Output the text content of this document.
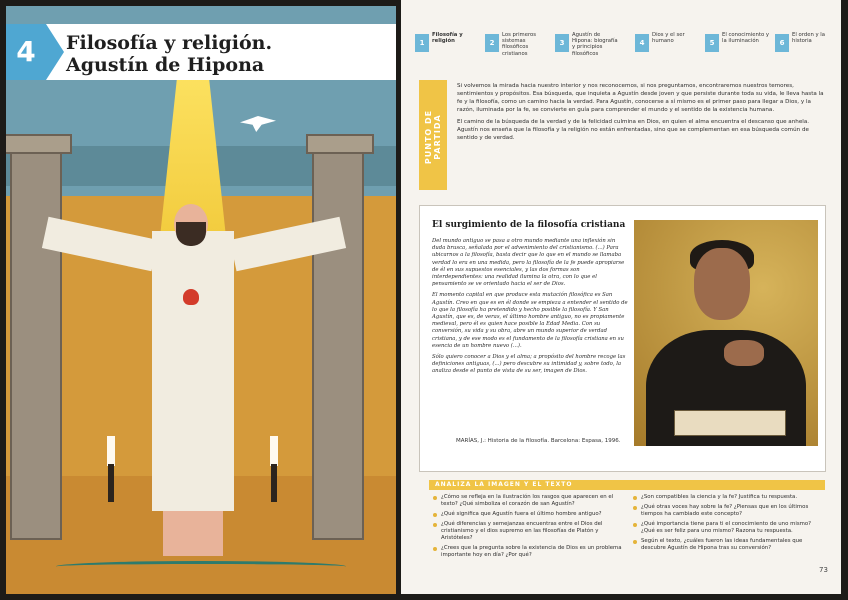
4	Filosofía y religión.
Agustín de Hipona
1
Filosofía y religión	2
Los primeros sistemas filosóficos cristianos
3
Agustín de Hipona: biografía y principios filosóficos
4
Dios y el ser humano	5
El conocimiento y la iluminación	6
El orden y la historia
PUNTO DE PARTIDA

Si volvemos la mirada hacia nuestro interior y nos reconocemos, si nos preguntamos, encontraremos nuestros temores, sentimientos y propósitos. Esa búsqueda, que inquieta a Agustín desde joven y que persiste durante toda su vida, le lleva hasta la fe y la filosofía, como un camino hacia la verdad. Para Agustín, conocerse a sí mismo es el primer paso para llegar a Dios, y la razón, iluminada por la fe, se convierte en guía para comprender el mundo y el sentido de la existencia humana.

El camino de la búsqueda de la verdad y de la felicidad culmina en Dios, en quien el alma encuentra el descanso que anhela. Agustín nos enseña que la filosofía y la religión no están enfrentadas, sino que se complementan en esa búsqueda común de sentido y de verdad.

El surgimiento de la filosofía cristiana

Del mundo antiguo se pasa a otro mundo mediante una inflexión sin duda brusca, señalada por el advenimiento del cristianismo. (...) Para ubicarnos a la filosofía, basta decir que lo que en el mundo se llamaba verdad lo era en una medida, pero la filosofía de la fe puede apropiarse de él en sus supuestos esenciales, y las dos formas son interdependientes: una realidad ilumina la otra, con lo que el pensamiento se ve orientado hacia el ser de Dios.

El momento capital en que produce esta mutación filosófica es San Agustín. Creo en que es en él donde se empieza a entender el sentido de lo que la filosofía ha pretendido y hecho posible la filosofía. Y San Agustín, que es, de veras, el último hombre antiguo, no es propiamente medieval, pero él es quien hace posible la Edad Media. Con su conversión, su vida y su obra, abre un mundo superior de verdad cristiana, y de ese modo es el fundamento de la filosofía cristiana en su esencia de un hombre nuevo (...).

Sólo quiero conocer a Dios y el alma; a propósito del hombre recoge las definiciones antiguas, (...) pero descubre su intimidad y, sobre todo, la analiza desde el punto de vista de su ser, imagen de Dios.

MARÍAS, J.: Historia de la filosofía. Barcelona: Espasa, 1996.
ANALIZA LA IMAGEN Y EL TEXTO
¿Cómo se refleja en la ilustración los rasgos que aparecen en el texto? ¿Qué simboliza el corazón de san Agustín?
¿Qué significa que Agustín fuera el último hombre antiguo?
¿Qué diferencias y semejanzas encuentras entre el Dios del cristianismo y el dios supremo en las filosofías de Platón y Aristóteles?
¿Crees que la pregunta sobre la existencia de Dios es un problema importante hoy en día? ¿Por qué?
¿Son compatibles la ciencia y la fe? Justifica tu respuesta.
¿Qué otras voces hay sobre la fe? ¿Piensas que en los últimos tiempos ha cambiado este concepto?
¿Qué importancia tiene para ti el conocimiento de uno mismo? ¿Qué es ser feliz para uno mismo? Razona tu respuesta.
Según el texto, ¿cuáles fueron las ideas fundamentales que descubre Agustín de Hipona tras su conversión?
73
